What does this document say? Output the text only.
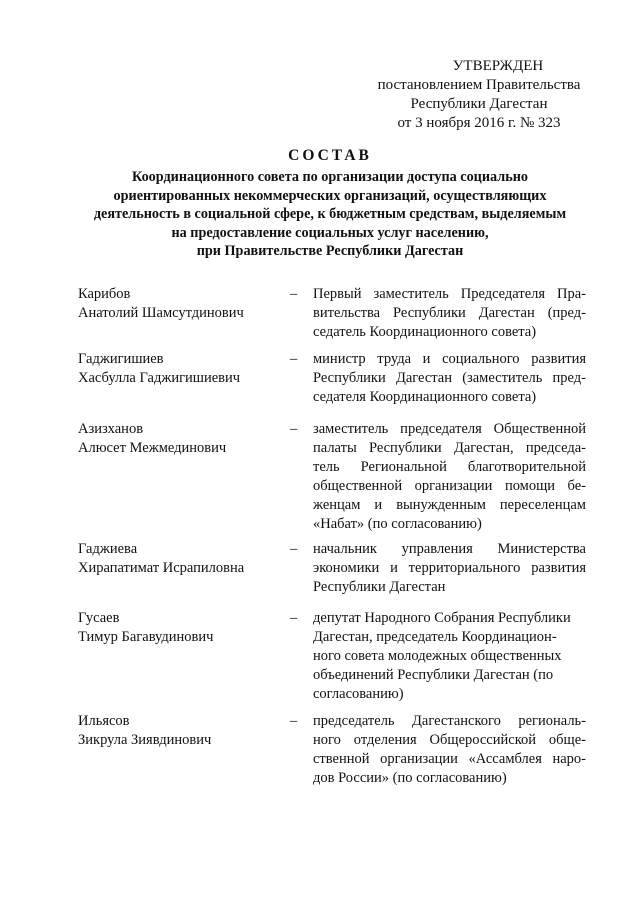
УТВЕРЖДЕН
постановлением Правительства
Республики Дагестан
от 3 ноября 2016 г. № 323
СОСТАВ
Координационного совета по организации доступа социально
ориентированных некоммерческих организаций, осуществляющих
деятельность в социальной сфере, к бюджетным средствам, выделяемым
на предоставление социальных услуг населению,
при Правительстве Республики Дагестан
Карибов
Анатолий Шамсутдинович
– Первый заместитель Председателя Пра-
вительства Республики Дагестан (пред-
седатель Координационного совета)
Гаджигишиев
Хасбулла Гаджигишиевич
– министр труда и социального развития
Республики Дагестан (заместитель пред-
седателя Координационного совета)
Азизханов
Алюсет Межмединович
– заместитель председателя Общественной
палаты Республики Дагестан, председа-
тель Региональной благотворительной
общественной организации помощи бе-
женцам и вынужденным переселенцам
«Набат» (по согласованию)
Гаджиева
Хирапатимат Исрапиловна
– начальник управления Министерства
экономики и территориального развития
Республики Дагестан
Гусаев
Тимур Багавудинович
– депутат Народного Собрания Республики
Дагестан, председатель Координацион-
ного совета молодежных общественных
объединений Республики Дагестан (по
согласованию)
Ильясов
Зикрула Зиявдинович
– председатель Дагестанского региональ-
ного отделения Общероссийской обще-
ственной организации «Ассамблея наро-
дов России» (по согласованию)
